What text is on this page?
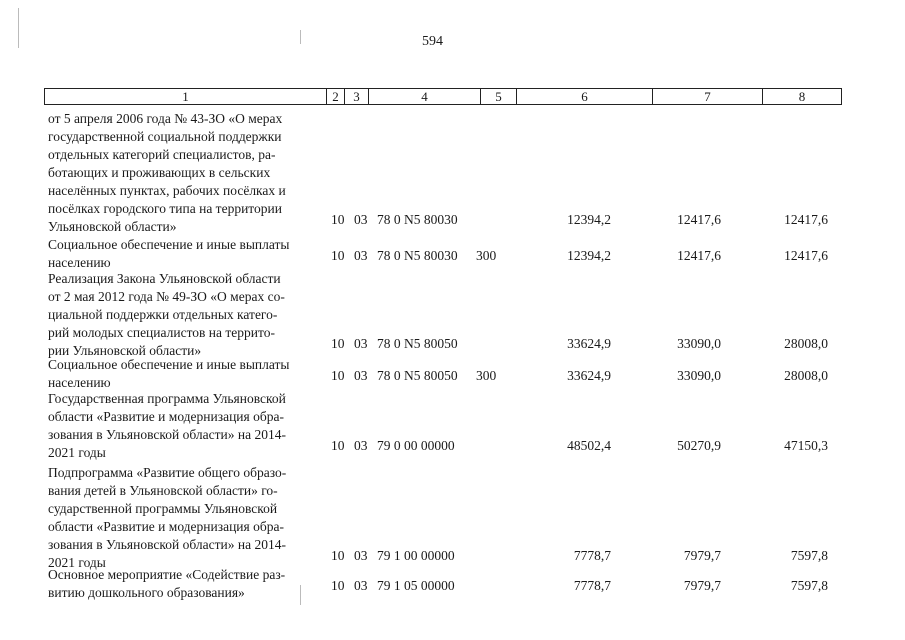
594
1	2	3	4	5	6	7	8
от 5 апреля 2006 года № 43-ЗО «О мерах
государственной социальной поддержки
отдельных категорий специалистов, ра-
ботающих и проживающих в сельских
населённых пунктах, рабочих посёлках и
посёлках городского типа на территории
Ульяновской области»	10 03 78 0 N5 80030	12394,2	12417,6	12417,6
Социальное обеспечение и иные выплаты
населению	10 03 78 0 N5 80030 300	12394,2	12417,6	12417,6
Реализация Закона Ульяновской области
от 2 мая 2012 года № 49-ЗО «О мерах со-
циальной поддержки отдельных катего-
рий молодых специалистов на террито-
рии Ульяновской области»	10 03 78 0 N5 80050	33624,9	33090,0	28008,0
Социальное обеспечение и иные выплаты
населению	10 03 78 0 N5 80050 300	33624,9	33090,0	28008,0
Государственная программа Ульяновской
области «Развитие и модернизация обра-
зования в Ульяновской области» на 2014-
2021 годы	10 03 79 0 00 00000	48502,4	50270,9	47150,3
Подпрограмма «Развитие общего образо-
вания детей в Ульяновской области» го-
сударственной программы Ульяновской
области «Развитие и модернизация обра-
зования в Ульяновской области» на 2014-
2021 годы	10 03 79 1 00 00000	7778,7	7979,7	7597,8
Основное мероприятие «Содействие раз-
витию дошкольного образования»	10 03 79 1 05 00000	7778,7	7979,7	7597,8
